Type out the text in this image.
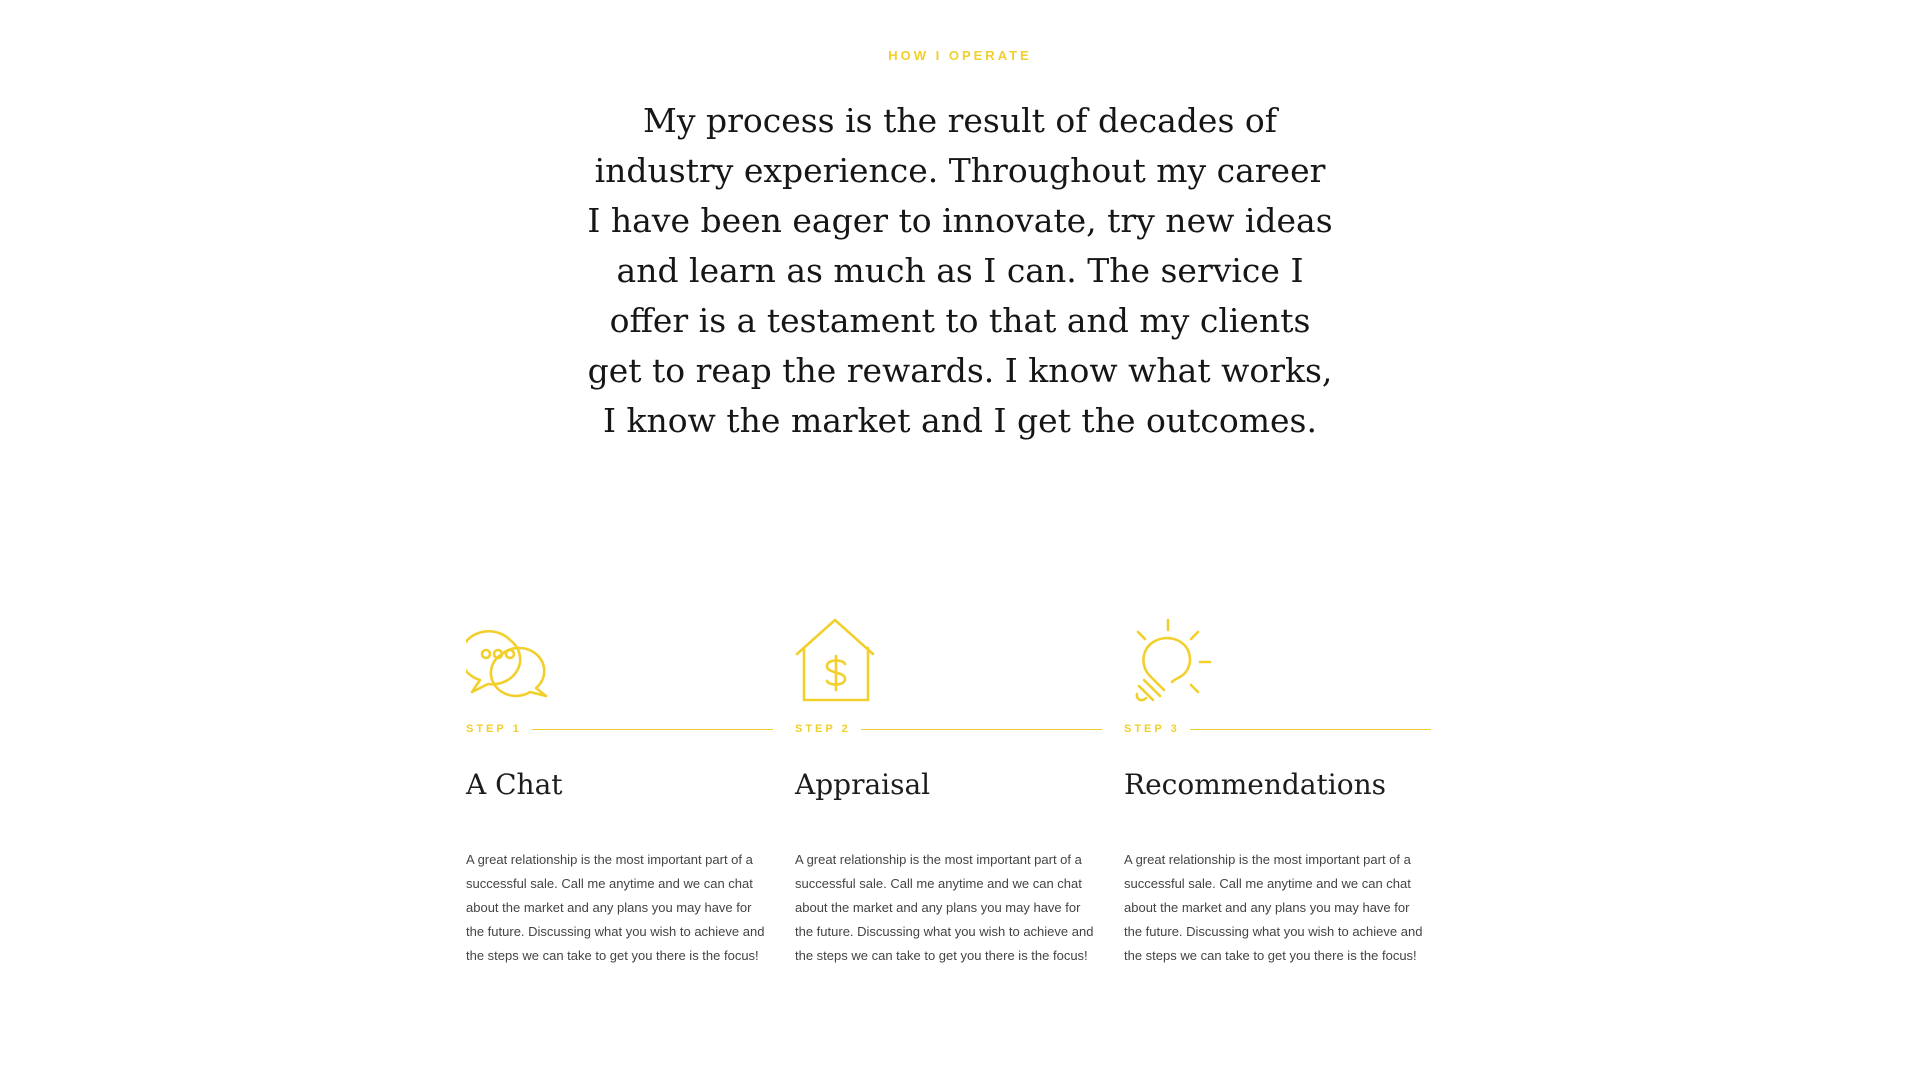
HOW I OPERATE

My process is the result of decades of industry experience. Throughout my career I have been eager to innovate, try new ideas and learn as much as I can. The service I offer is a testament to that and my clients get to reap the rewards. I know what works, I know the market and I get the outcomes.

STEP 1
A Chat

A great relationship is the most important part of a successful sale. Call me anytime and we can chat about the market and any plans you may have for the future. Discussing what you wish to achieve and the steps we can take to get you there is the focus!

STEP 2
Appraisal

A great relationship is the most important part of a successful sale. Call me anytime and we can chat about the market and any plans you may have for the future. Discussing what you wish to achieve and the steps we can take to get you there is the focus!

STEP 3
Recommendations

A great relationship is the most important part of a successful sale. Call me anytime and we can chat about the market and any plans you may have for the future. Discussing what you wish to achieve and the steps we can take to get you there is the focus!
